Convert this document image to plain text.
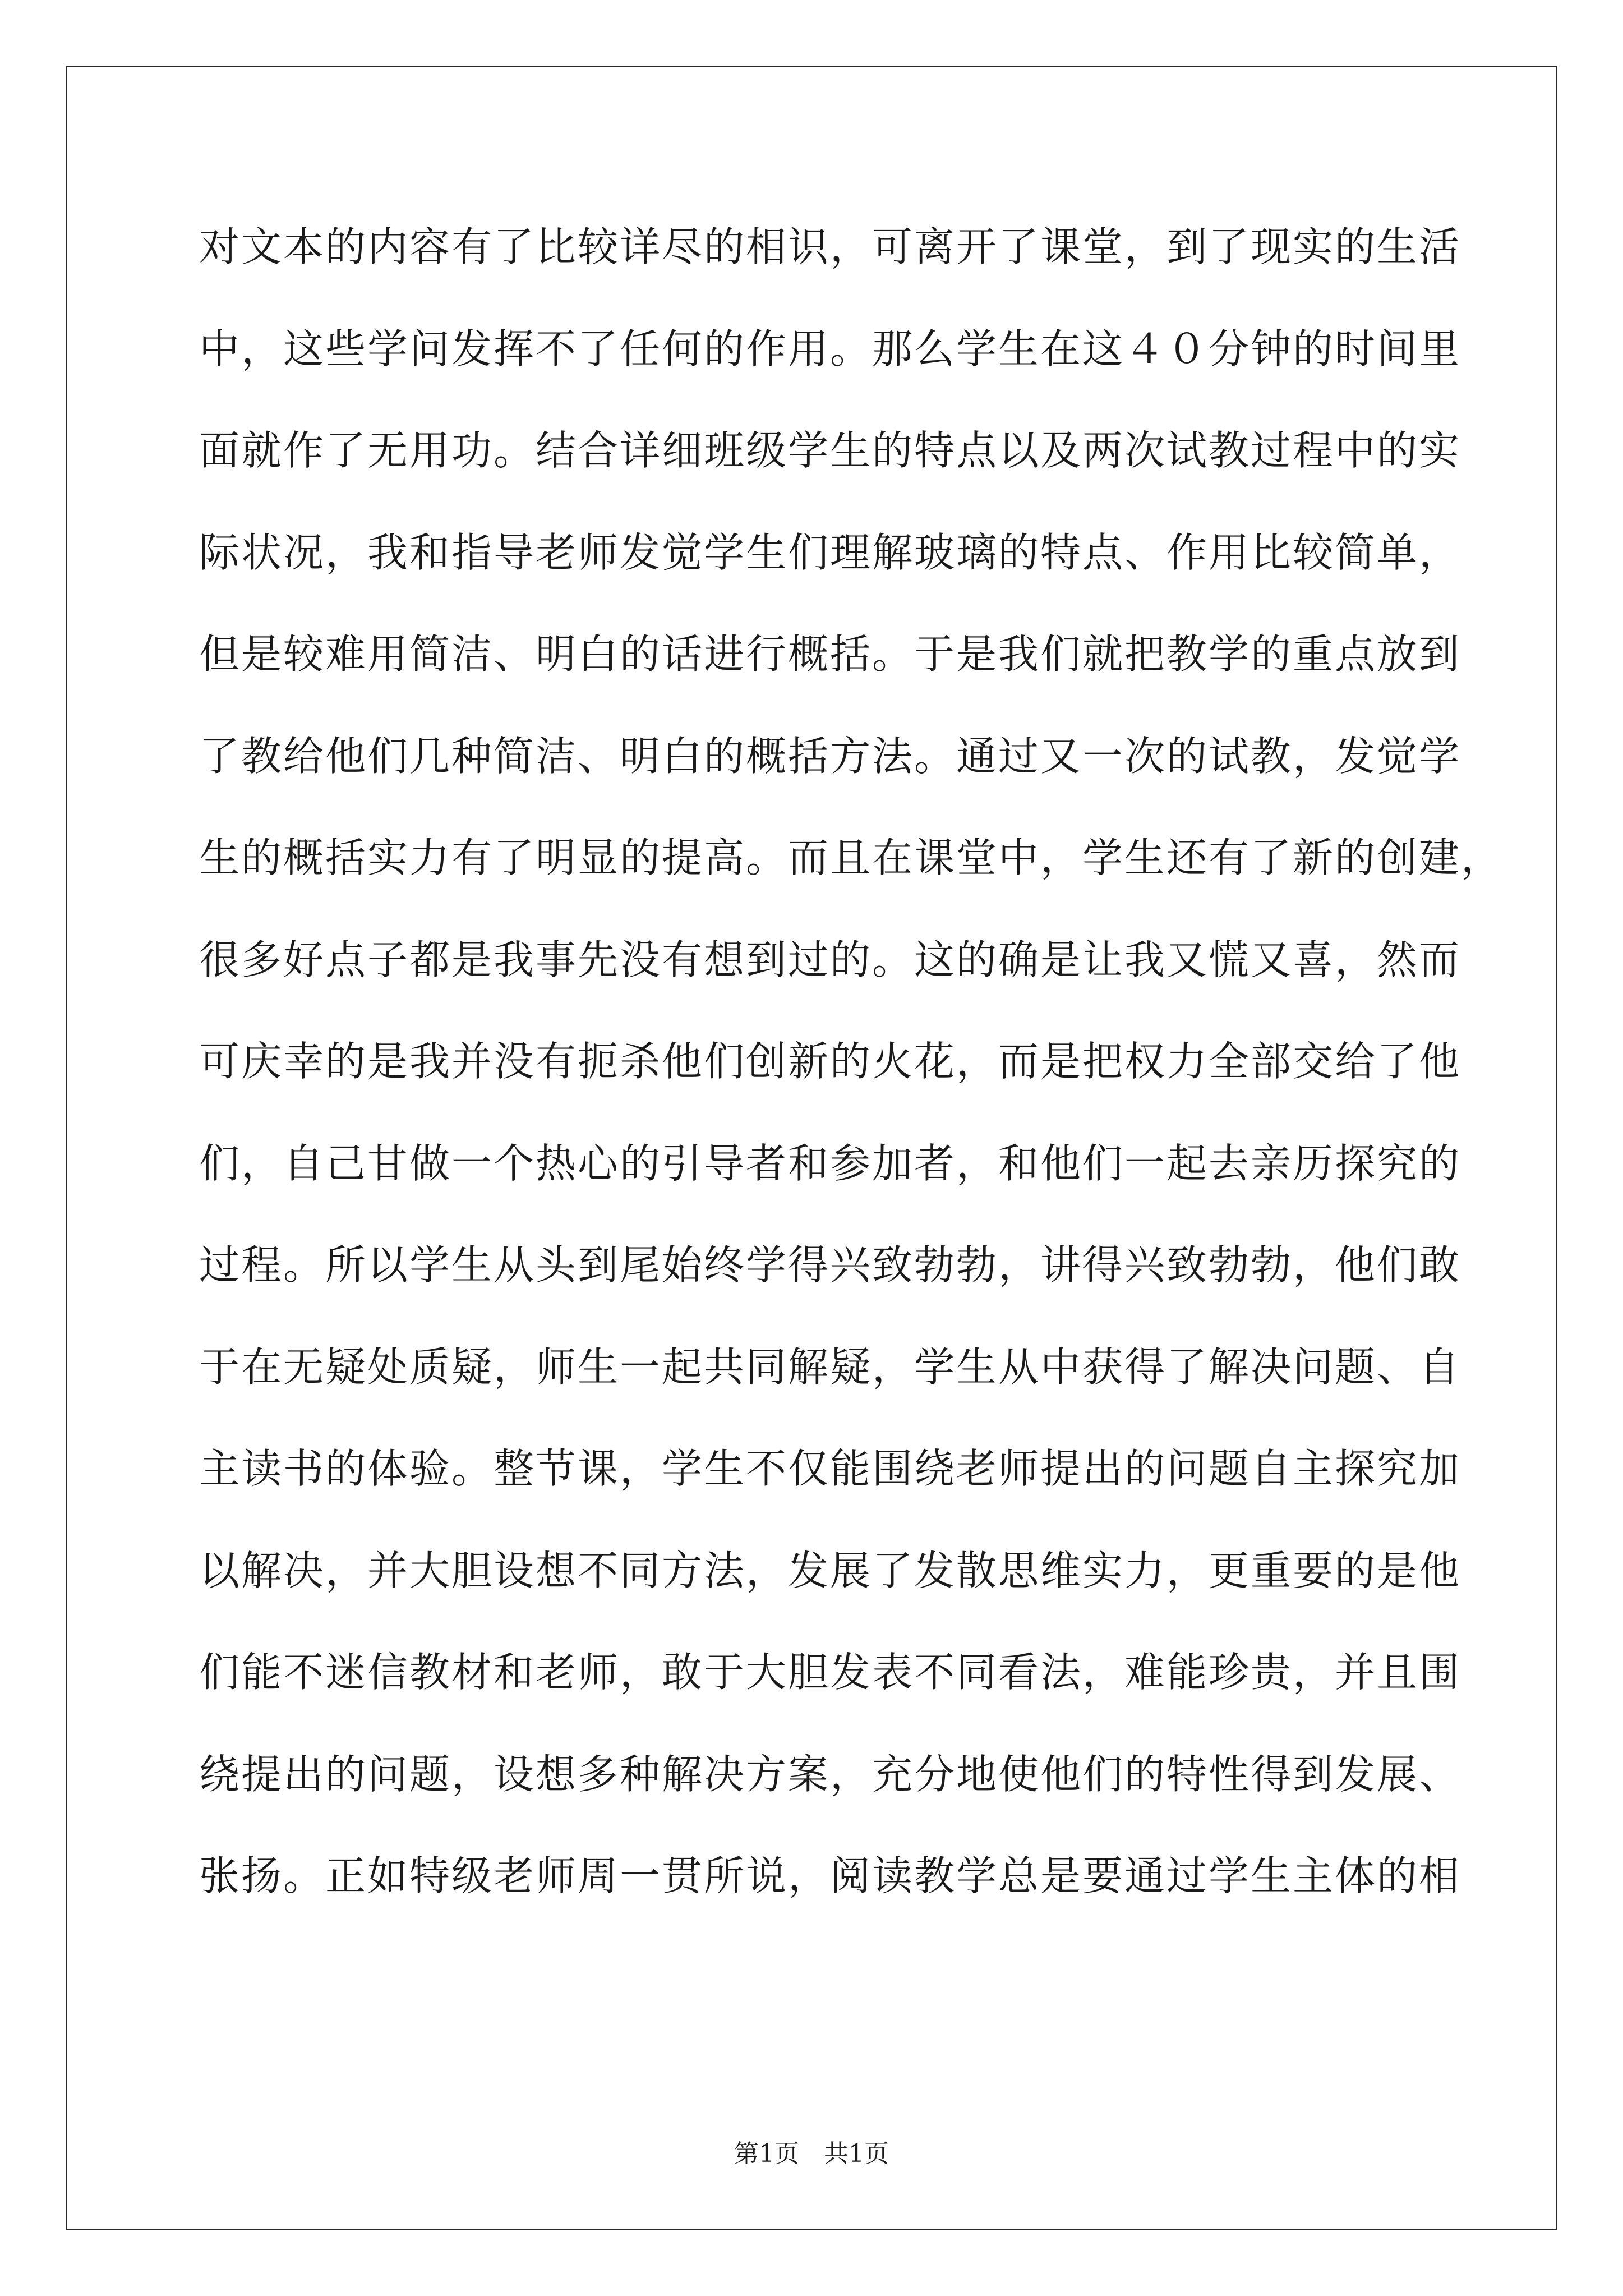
对文本的内容有了比较详尽的相识，可离开了课堂，到了现实的生活
中，这些学问发挥不了任何的作用。那么学生在这４０分钟的时间里
面就作了无用功。结合详细班级学生的特点以及两次试教过程中的实
际状况，我和指导老师发觉学生们理解玻璃的特点、作用比较简单，
但是较难用简洁、明白的话进行概括。于是我们就把教学的重点放到
了教给他们几种简洁、明白的概括方法。通过又一次的试教，发觉学
生的概括实力有了明显的提高。而且在课堂中，学生还有了新的创建，
很多好点子都是我事先没有想到过的。这的确是让我又慌又喜，然而
可庆幸的是我并没有扼杀他们创新的火花，而是把权力全部交给了他
们，自己甘做一个热心的引导者和参加者，和他们一起去亲历探究的
过程。所以学生从头到尾始终学得兴致勃勃，讲得兴致勃勃，他们敢
于在无疑处质疑，师生一起共同解疑，学生从中获得了解决问题、自
主读书的体验。整节课，学生不仅能围绕老师提出的问题自主探究加
以解决，并大胆设想不同方法，发展了发散思维实力，更重要的是他
们能不迷信教材和老师，敢于大胆发表不同看法，难能珍贵，并且围
绕提出的问题，设想多种解决方案，充分地使他们的特性得到发展、
张扬。正如特级老师周一贯所说，阅读教学总是要通过学生主体的相
第1页 共1页
